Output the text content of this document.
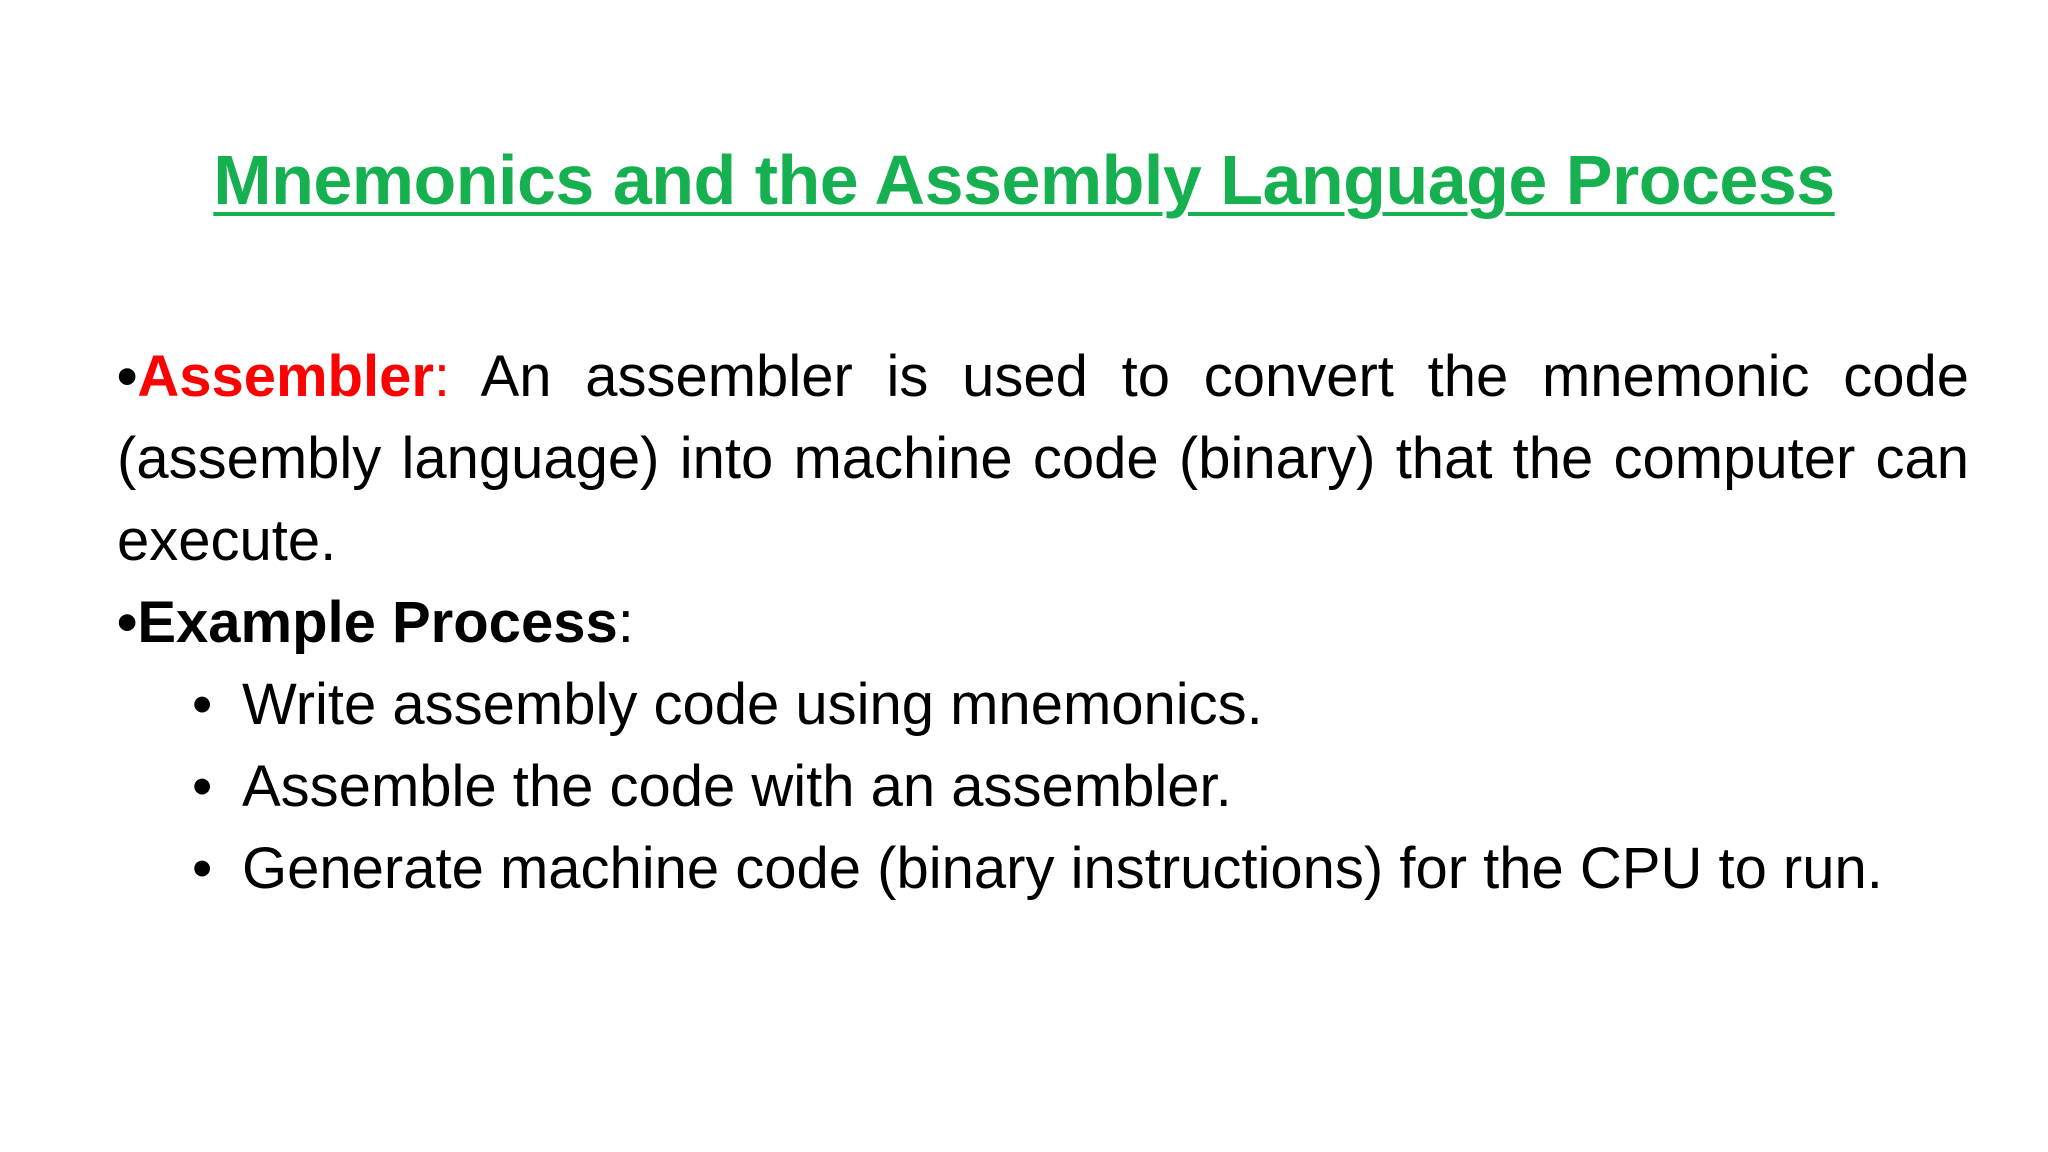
Mnemonics and the Assembly Language Process

•Assembler: An assembler is used to convert the mnemonic code (assembly language) into machine code (binary) that the computer can execute.

•Example Process:

• Write assembly code using mnemonics.
• Assemble the code with an assembler.
• Generate machine code (binary instructions) for the CPU to run.
